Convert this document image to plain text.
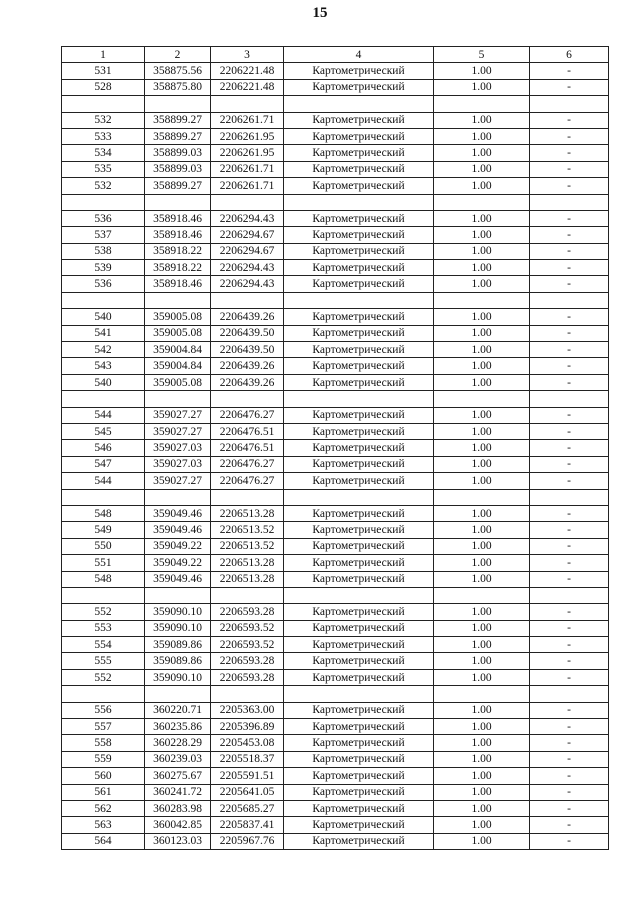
15
1	2	3	4	5	6
531	358875.56	2206221.48	Картометрический	1.00	-
528	358875.80	2206221.48	Картометрический	1.00	-

532	358899.27	2206261.71	Картометрический	1.00	-
533	358899.27	2206261.95	Картометрический	1.00	-
534	358899.03	2206261.95	Картометрический	1.00	-
535	358899.03	2206261.71	Картометрический	1.00	-
532	358899.27	2206261.71	Картометрический	1.00	-

536	358918.46	2206294.43	Картометрический	1.00	-
537	358918.46	2206294.67	Картометрический	1.00	-
538	358918.22	2206294.67	Картометрический	1.00	-
539	358918.22	2206294.43	Картометрический	1.00	-
536	358918.46	2206294.43	Картометрический	1.00	-

540	359005.08	2206439.26	Картометрический	1.00	-
541	359005.08	2206439.50	Картометрический	1.00	-
542	359004.84	2206439.50	Картометрический	1.00	-
543	359004.84	2206439.26	Картометрический	1.00	-
540	359005.08	2206439.26	Картометрический	1.00	-

544	359027.27	2206476.27	Картометрический	1.00	-
545	359027.27	2206476.51	Картометрический	1.00	-
546	359027.03	2206476.51	Картометрический	1.00	-
547	359027.03	2206476.27	Картометрический	1.00	-
544	359027.27	2206476.27	Картометрический	1.00	-

548	359049.46	2206513.28	Картометрический	1.00	-
549	359049.46	2206513.52	Картометрический	1.00	-
550	359049.22	2206513.52	Картометрический	1.00	-
551	359049.22	2206513.28	Картометрический	1.00	-
548	359049.46	2206513.28	Картометрический	1.00	-

552	359090.10	2206593.28	Картометрический	1.00	-
553	359090.10	2206593.52	Картометрический	1.00	-
554	359089.86	2206593.52	Картометрический	1.00	-
555	359089.86	2206593.28	Картометрический	1.00	-
552	359090.10	2206593.28	Картометрический	1.00	-

556	360220.71	2205363.00	Картометрический	1.00	-
557	360235.86	2205396.89	Картометрический	1.00	-
558	360228.29	2205453.08	Картометрический	1.00	-
559	360239.03	2205518.37	Картометрический	1.00	-
560	360275.67	2205591.51	Картометрический	1.00	-
561	360241.72	2205641.05	Картометрический	1.00	-
562	360283.98	2205685.27	Картометрический	1.00	-
563	360042.85	2205837.41	Картометрический	1.00	-
564	360123.03	2205967.76	Картометрический	1.00	-
